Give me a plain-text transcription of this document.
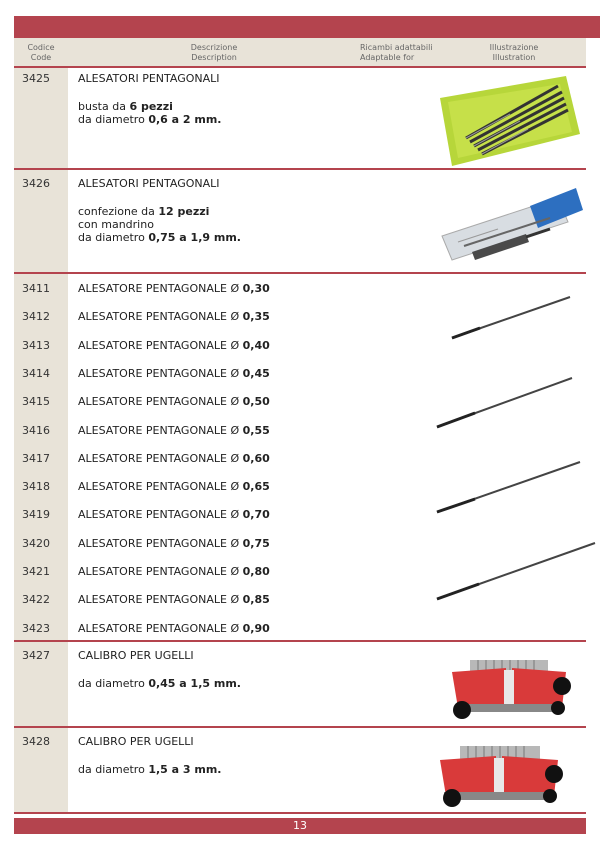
Codice
Code
Descrizione
Description
Ricambi adattabili
Adaptable for
Illustrazione
Illustration
3425	ALESATORI PENTAGONALI
busta da 6 pezzi
da diametro 0,6 a 2 mm.
3426	ALESATORI PENTAGONALI
confezione da 12 pezzi
con mandrino
da diametro 0,75 a 1,9 mm.
3411	ALESATORE PENTAGONALE Ø 0,30
3412	ALESATORE PENTAGONALE Ø 0,35
3413	ALESATORE PENTAGONALE Ø 0,40
3414	ALESATORE PENTAGONALE Ø 0,45
3415	ALESATORE PENTAGONALE Ø 0,50
3416	ALESATORE PENTAGONALE Ø 0,55
3417	ALESATORE PENTAGONALE Ø 0,60
3418	ALESATORE PENTAGONALE Ø 0,65
3419	ALESATORE PENTAGONALE Ø 0,70
3420	ALESATORE PENTAGONALE Ø 0,75
3421	ALESATORE PENTAGONALE Ø 0,80
3422	ALESATORE PENTAGONALE Ø 0,85
3423	ALESATORE PENTAGONALE Ø 0,90
3427	CALIBRO PER UGELLI
da diametro 0,45 a 1,5 mm.
3428	CALIBRO PER UGELLI
da diametro 1,5 a 3 mm.
13
